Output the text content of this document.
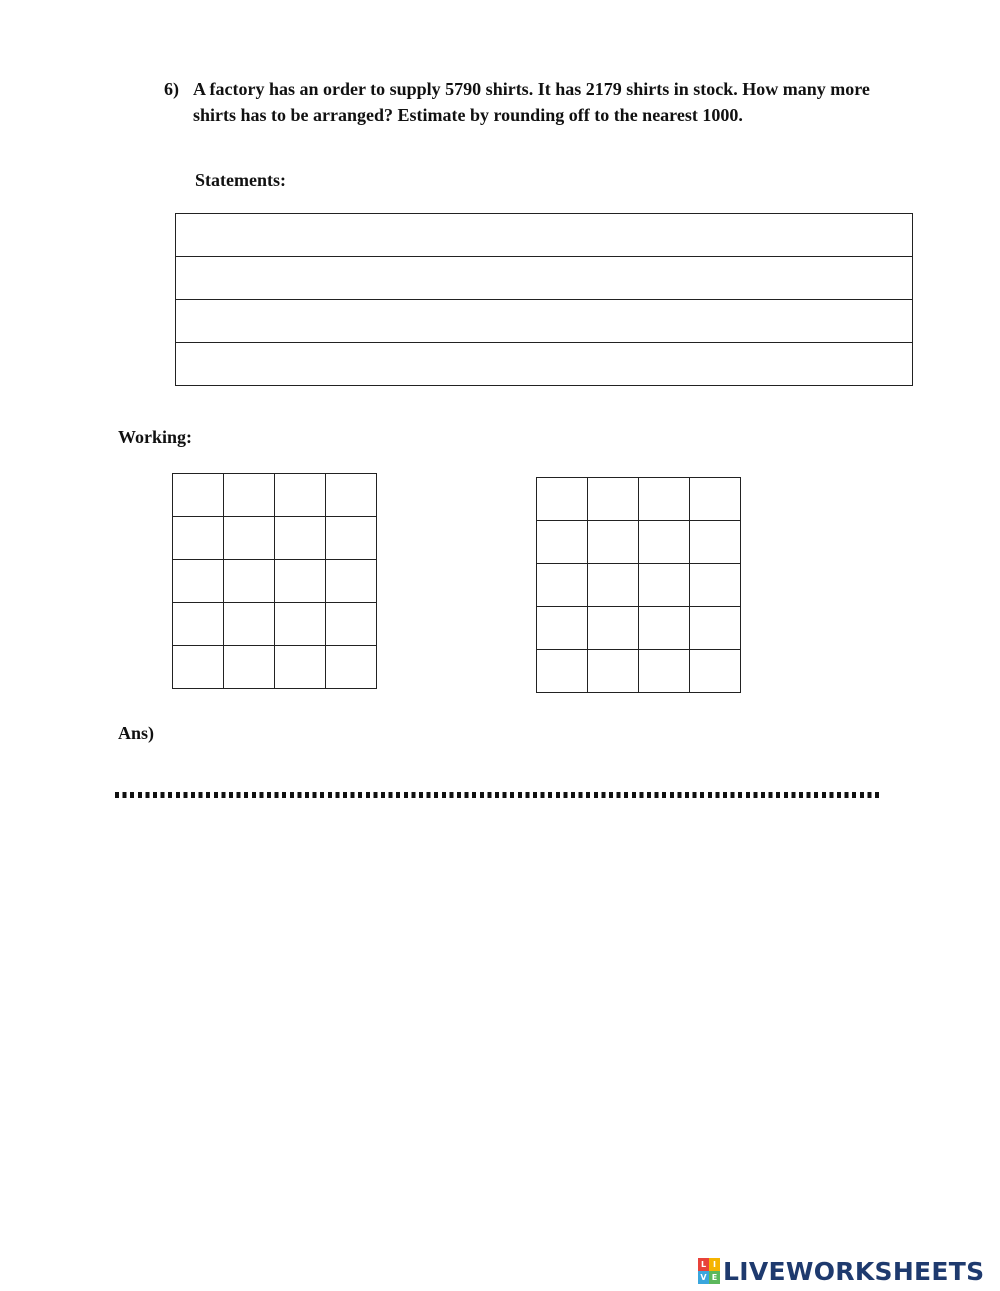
6) A factory has an order to supply 5790 shirts. It has 2179 shirts in stock. How many more shirts has to be arranged? Estimate by rounding off to the nearest 1000.
Statements:
Working:

Ans)
L I
V E LIVEWORKSHEETS
